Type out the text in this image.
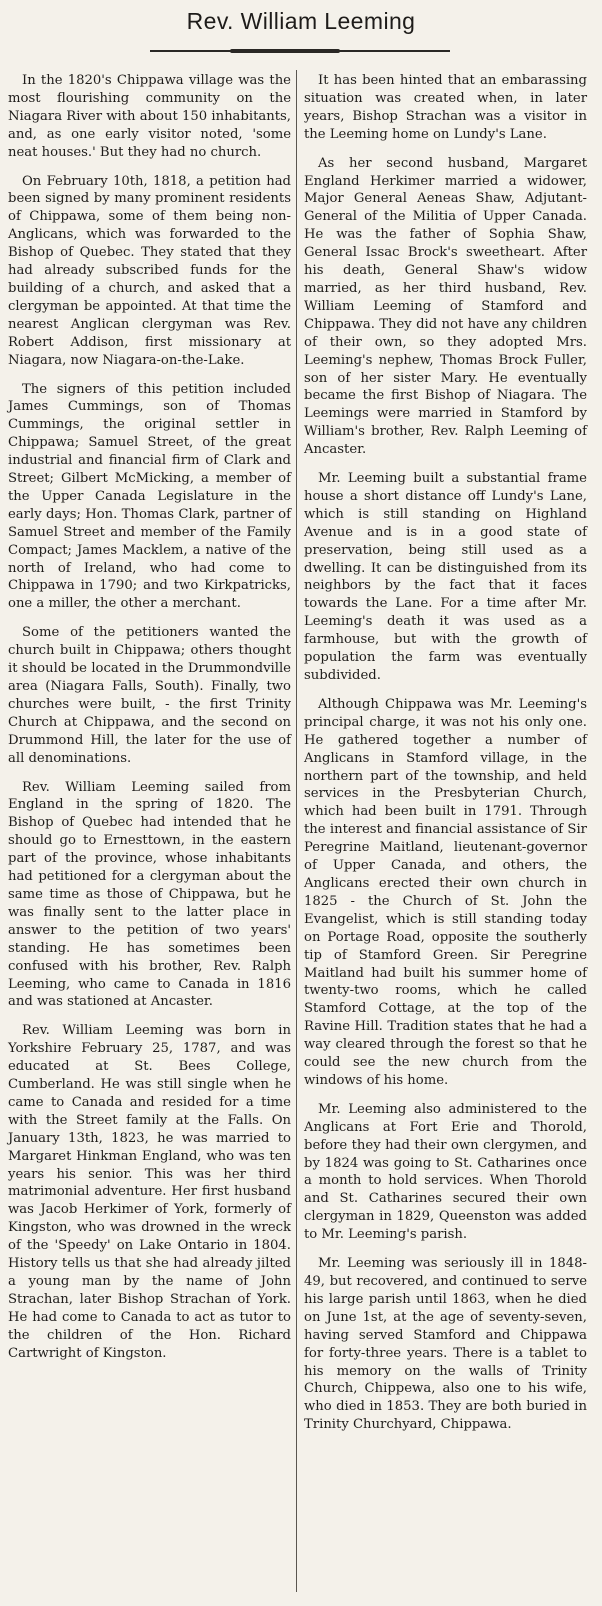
Rev. William Leeming

In the 1820's Chippawa village was the most flourishing community on the Niagara River with about 150 inhabitants, and, as one early visitor noted, 'some neat houses.' But they had no church.

On February 10th, 1818, a petition had been signed by many prominent residents of Chippawa, some of them being non-Anglicans, which was forwarded to the Bishop of Quebec. They stated that they had already subscribed funds for the building of a church, and asked that a clergyman be appointed. At that time the nearest Anglican clergyman was Rev. Robert Addison, first missionary at Niagara, now Niagara-on-the-Lake.

The signers of this petition included James Cummings, son of Thomas Cummings, the original settler in Chippawa; Samuel Street, of the great industrial and financial firm of Clark and Street; Gilbert McMicking, a member of the Upper Canada Legislature in the early days; Hon. Thomas Clark, partner of Samuel Street and member of the Family Compact; James Macklem, a native of the north of Ireland, who had come to Chippawa in 1790; and two Kirkpatricks, one a miller, the other a merchant.

Some of the petitioners wanted the church built in Chippawa; others thought it should be located in the Drummondville area (Niagara Falls, South). Finally, two churches were built, - the first Trinity Church at Chippawa, and the second on Drummond Hill, the later for the use of all denominations.

Rev. William Leeming sailed from England in the spring of 1820. The Bishop of Quebec had intended that he should go to Ernesttown, in the eastern part of the province, whose inhabitants had petitioned for a clergyman about the same time as those of Chippawa, but he was finally sent to the latter place in answer to the petition of two years' standing. He has sometimes been confused with his brother, Rev. Ralph Leeming, who came to Canada in 1816 and was stationed at Ancaster.

Rev. William Leeming was born in Yorkshire February 25, 1787, and was educated at St. Bees College, Cumberland. He was still single when he came to Canada and resided for a time with the Street family at the Falls. On January 13th, 1823, he was married to Margaret Hinkman England, who was ten years his senior. This was her third matrimonial adventure. Her first husband was Jacob Herkimer of York, formerly of Kingston, who was drowned in the wreck of the 'Speedy' on Lake Ontario in 1804. History tells us that she had already jilted a young man by the name of John Strachan, later Bishop Strachan of York. He had come to Canada to act as tutor to the children of the Hon. Richard Cartwright of Kingston.

It has been hinted that an embarassing situation was created when, in later years, Bishop Strachan was a visitor in the Leeming home on Lundy's Lane.

As her second husband, Margaret England Herkimer married a widower, Major General Aeneas Shaw, Adjutant-General of the Militia of Upper Canada. He was the father of Sophia Shaw, General Issac Brock's sweetheart. After his death, General Shaw's widow married, as her third husband, Rev. William Leeming of Stamford and Chippawa. They did not have any children of their own, so they adopted Mrs. Leeming's nephew, Thomas Brock Fuller, son of her sister Mary. He eventually became the first Bishop of Niagara. The Leemings were married in Stamford by William's brother, Rev. Ralph Leeming of Ancaster.

Mr. Leeming built a substantial frame house a short distance off Lundy's Lane, which is still standing on Highland Avenue and is in a good state of preservation, being still used as a dwelling. It can be distinguished from its neighbors by the fact that it faces towards the Lane. For a time after Mr. Leeming's death it was used as a farmhouse, but with the growth of population the farm was eventually subdivided.

Although Chippawa was Mr. Leeming's principal charge, it was not his only one. He gathered together a number of Anglicans in Stamford village, in the northern part of the township, and held services in the Presbyterian Church, which had been built in 1791. Through the interest and financial assistance of Sir Peregrine Maitland, lieutenant-governor of Upper Canada, and others, the Anglicans erected their own church in 1825 - the Church of St. John the Evangelist, which is still standing today on Portage Road, opposite the southerly tip of Stamford Green. Sir Peregrine Maitland had built his summer home of twenty-two rooms, which he called Stamford Cottage, at the top of the Ravine Hill. Tradition states that he had a way cleared through the forest so that he could see the new church from the windows of his home.

Mr. Leeming also administered to the Anglicans at Fort Erie and Thorold, before they had their own clergymen, and by 1824 was going to St. Catharines once a month to hold services. When Thorold and St. Catharines secured their own clergyman in 1829, Queenston was added to Mr. Leeming's parish.

Mr. Leeming was seriously ill in 1848-49, but recovered, and continued to serve his large parish until 1863, when he died on June 1st, at the age of seventy-seven, having served Stamford and Chippawa for forty-three years. There is a tablet to his memory on the walls of Trinity Church, Chippewa, also one to his wife, who died in 1853. They are both buried in Trinity Churchyard, Chippawa.
